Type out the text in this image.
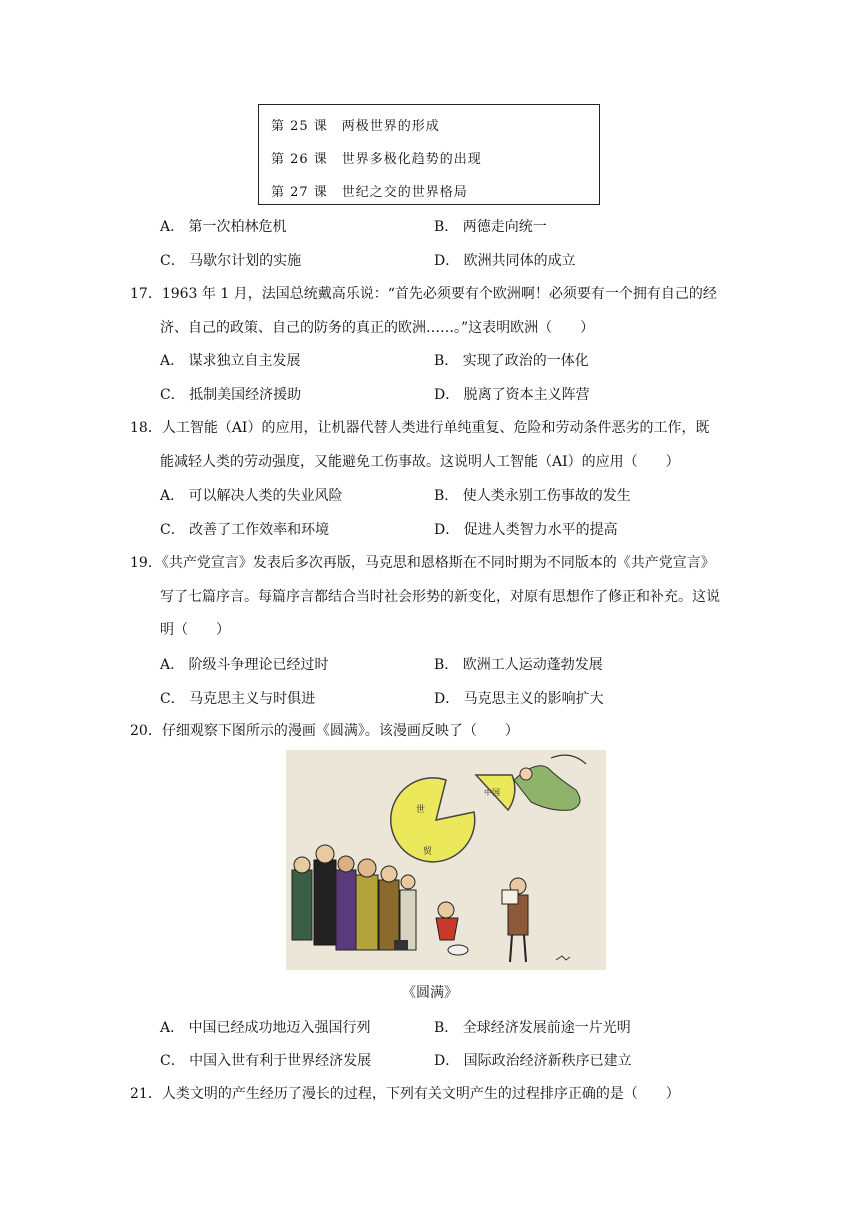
第 25 课　两极世界的形成
第 26 课　世界多极化趋势的出现
第 27 课　世纪之交的世界格局
A． 第一次柏林危机	B． 两德走向统一
C． 马歇尔计划的实施	D． 欧洲共同体的成立
17．1963 年 1 月，法国总统戴高乐说：“首先必须要有个欧洲啊！必须要有一个拥有自己的经
济、自己的政策、自己的防务的真正的欧洲……。”这表明欧洲（　　）
A． 谋求独立自主发展	B． 实现了政治的一体化
C． 抵制美国经济援助	D． 脱离了资本主义阵营
18．人工智能（AI）的应用，让机器代替人类进行单纯重复、危险和劳动条件恶劣的工作，既
能减轻人类的劳动强度，又能避免工伤事故。这说明人工智能（AI）的应用（　　）
A． 可以解决人类的失业风险	B． 使人类永别工伤事故的发生
C． 改善了工作效率和环境	D． 促进人类智力水平的提高
19．《共产党宣言》发表后多次再版，马克思和恩格斯在不同时期为不同版本的《共产党宣言》
写了七篇序言。每篇序言都结合当时社会形势的新变化，对原有思想作了修正和补充。这说
明（　　）
A． 阶级斗争理论已经过时	B． 欧洲工人运动蓬勃发展
C． 马克思主义与时俱进	D． 马克思主义的影响扩大
20．仔细观察下图所示的漫画《圆满》。该漫画反映了（　　）
世
贸
中国
《圆满》
A． 中国已经成功地迈入强国行列	B． 全球经济发展前途一片光明
C． 中国入世有利于世界经济发展	D． 国际政治经济新秩序已建立
21．人类文明的产生经历了漫长的过程，下列有关文明产生的过程排序正确的是（　　）
